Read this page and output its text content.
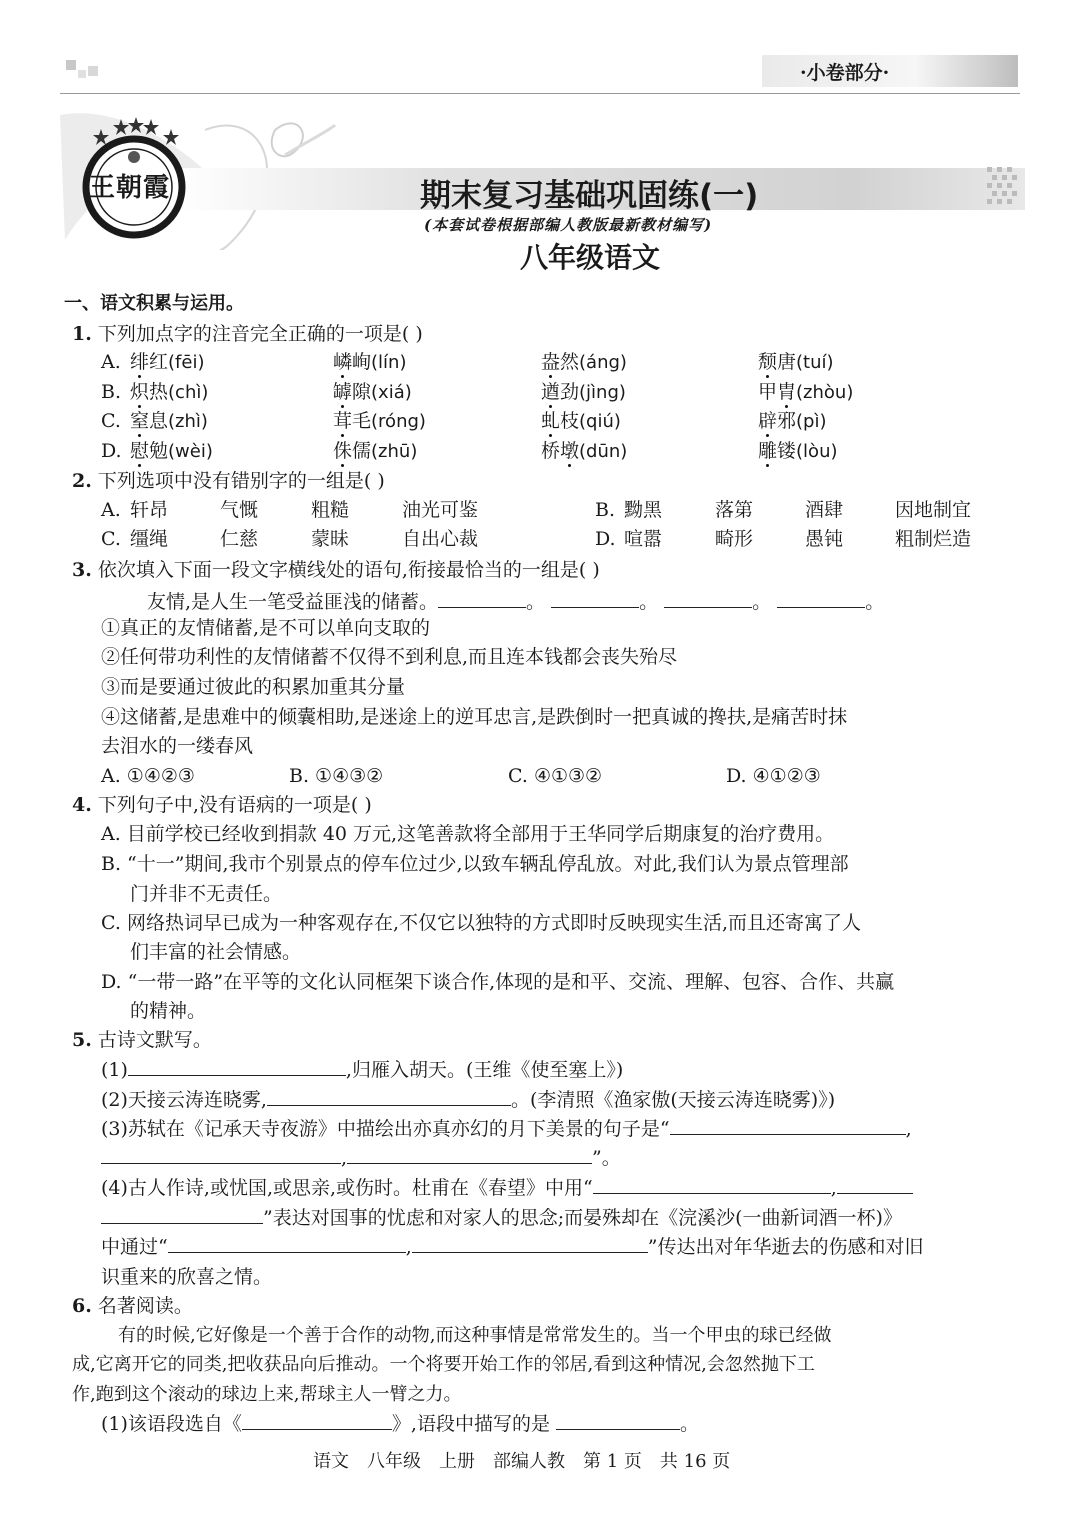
·小卷部分·
王朝霞	期末复习基础巩固练(一)
(本套试卷根据部编人教版最新教材编写)
八年级语文
一、语文积累与运用。
1. 下列加点字的注音完全正确的一项是( )
A. 绯红(fēi)	嶙峋(lín)	盎然(áng)	颓唐(tuí)
B. 炽热(chì)	罅隙(xiá)	遒劲(jìng)	甲胄(zhòu)
C. 窒息(zhì)	茸毛(róng)	虬枝(qiú)	辟邪(pì)
D. 慰勉(wèi)	侏儒(zhū)	桥墩(dūn)	雕镂(lòu)
2. 下列选项中没有错别字的一组是( )
A. 轩昂	气慨	粗糙	油光可鉴	B. 黝黑	落第	酒肆	因地制宜
C. 缰绳	仁慈	蒙昧	自出心裁	D. 喧嚣	畸形	愚钝	粗制烂造
3. 依次填入下面一段文字横线处的语句,衔接最恰当的一组是( )
友情,是人生一笔受益匪浅的储蓄。	。	。	。	。
①真正的友情储蓄,是不可以单向支取的
②任何带功利性的友情储蓄不仅得不到利息,而且连本钱都会丧失殆尽
③而是要通过彼此的积累加重其分量
④这储蓄,是患难中的倾囊相助,是迷途上的逆耳忠言,是跌倒时一把真诚的搀扶,是痛苦时抹
去泪水的一缕春风
A. ①④②③	B. ①④③②	C. ④①③②	D. ④①②③
4. 下列句子中,没有语病的一项是( )
A. 目前学校已经收到捐款 40 万元,这笔善款将全部用于王华同学后期康复的治疗费用。
B. “十一”期间,我市个别景点的停车位过少,以致车辆乱停乱放。对此,我们认为景点管理部
门并非不无责任。
C. 网络热词早已成为一种客观存在,不仅它以独特的方式即时反映现实生活,而且还寄寓了人
们丰富的社会情感。
D. “一带一路”在平等的文化认同框架下谈合作,体现的是和平、交流、理解、包容、合作、共赢
的精神。
5. 古诗文默写。
(1)	,归雁入胡天。(王维《使至塞上》)
(2)天接云涛连晓雾,	。(李清照《渔家傲(天接云涛连晓雾)》)
(3)苏轼在《记承天寺夜游》中描绘出亦真亦幻的月下美景的句子是“	,
,	”。
(4)古人作诗,或忧国,或思亲,或伤时。杜甫在《春望》中用“	,
”表达对国事的忧虑和对家人的思念;而晏殊却在《浣溪沙(一曲新词酒一杯)》
中通过“	,	”传达出对年华逝去的伤感和对旧
识重来的欣喜之情。
6. 名著阅读。
有的时候,它好像是一个善于合作的动物,而这种事情是常常发生的。当一个甲虫的球已经做
成,它离开它的同类,把收获品向后推动。一个将要开始工作的邻居,看到这种情况,会忽然抛下工
作,跑到这个滚动的球边上来,帮球主人一臂之力。
(1)该语段选自《	》,语段中描写的是	。
语文　八年级　上册　部编人教　第 1 页　共 16 页
